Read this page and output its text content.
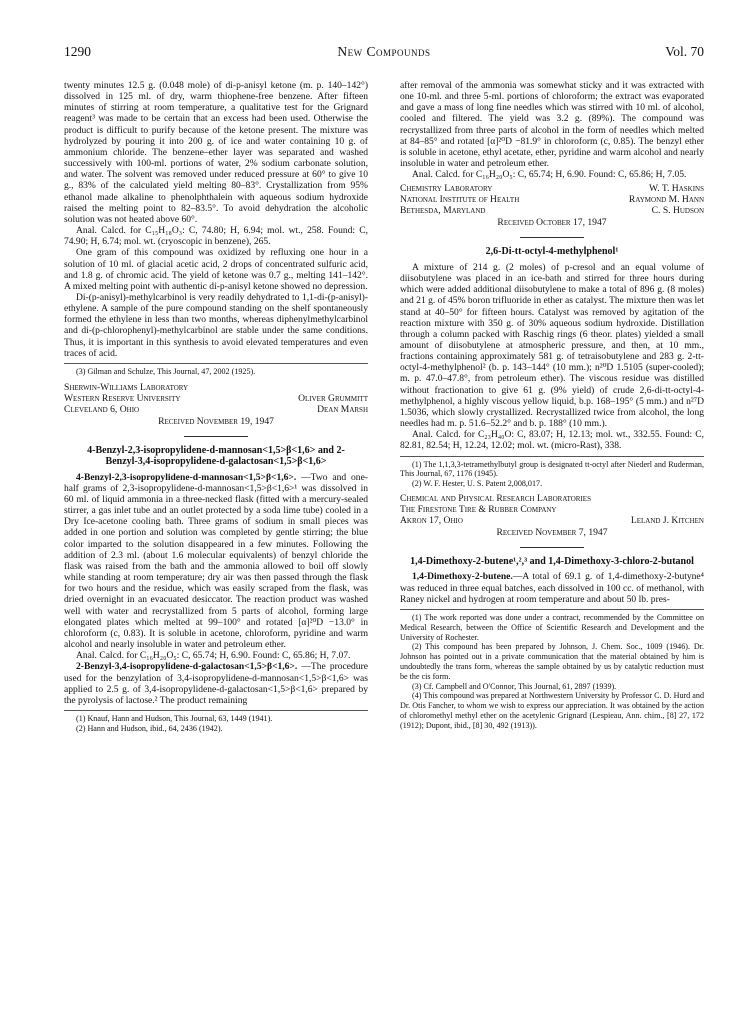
1290	New Compounds	Vol. 70

twenty minutes 12.5 g. (0.048 mole) of di-p-anisyl ketone (m. p. 140–142°) dissolved in 125 ml. of dry, warm thiophene-free benzene. After fifteen minutes of stirring at room temperature, a qualitative test for the Grignard reagent³ was made to be certain that an excess had been used. Otherwise the product is difficult to purify because of the ketone present. The mixture was hydrolyzed by pouring it into 200 g. of ice and water containing 10 g. of ammonium chloride. The benzene–ether layer was separated and washed successively with 100-ml. portions of water, 2% sodium carbonate solution, and water. The solvent was removed under reduced pressure at 60° to give 10 g., 83% of the calculated yield melting 80–83°. Crystallization from 95% ethanol made alkaline to phenolphthalein with aqueous sodium hydroxide raised the melting point to 82–83.5°. To avoid dehydration the alcoholic solution was not heated above 60°.

Anal. Calcd. for C₁₅H₁₈O₃: C, 74.80; H, 6.94; mol. wt., 258. Found: C, 74.90; H, 6.74; mol. wt. (cryoscopic in benzene), 265.

One gram of this compound was oxidized by refluxing one hour in a solution of 10 ml. of glacial acetic acid, 2 drops of concentrated sulfuric acid, and 1.8 g. of chromic acid. The yield of ketone was 0.7 g., melting 141–142°. A mixed melting point with authentic di-p-anisyl ketone showed no depression.

Di-(p-anisyl)-methylcarbinol is very readily dehydrated to 1,1-di-(p-anisyl)-ethylene. A sample of the pure compound standing on the shelf spontaneously formed the ethylene in less than two months, whereas diphenylmethylcarbinol and di-(p-chlorophenyl)-methylcarbinol are stable under the same conditions. Thus, it is important in this synthesis to avoid elevated temperatures and even traces of acid.

(3) Gilman and Schulze, This Journal, 47, 2002 (1925).

Sherwin-Williams Laboratory
Western Reserve University	Oliver Grummitt
Cleveland 6, Ohio	Dean Marsh
Received November 19, 1947
4-Benzyl-2,3-isopropylidene-d-mannosan<1,5>β<1,6> and 2-Benzyl-3,4-isopropylidene-d-galactosan<1,5>β<1,6>

4-Benzyl-2,3-isopropylidene-d-mannosan<1,5>β<1,6>. —Two and one-half grams of 2,3-isopropylidene-d-mannosan<1,5>β<1,6>¹ was dissolved in 60 ml. of liquid ammonia in a three-necked flask (fitted with a mercury-sealed stirrer, a gas inlet tube and an outlet protected by a soda lime tube) cooled in a Dry Ice-acetone cooling bath. Three grams of sodium in small pieces was added in one portion and solution was completed by gentle stirring; the blue color imparted to the solution disappeared in a few minutes. Following the addition of 2.3 ml. (about 1.6 molecular equivalents) of benzyl chloride the flask was raised from the bath and the ammonia allowed to boil off slowly while standing at room temperature; dry air was then passed through the flask for two hours and the residue, which was easily scraped from the flask, was dried overnight in an evacuated desiccator. The reaction product was washed well with water and recrystallized from 5 parts of alcohol, forming large elongated plates which melted at 99–100° and rotated [α]²⁰D −13.0° in chloroform (c, 0.83). It is soluble in acetone, chloroform, pyridine and warm alcohol and nearly insoluble in water and petroleum ether.

Anal. Calcd. for C₁₆H₂₀O₅: C, 65.74; H, 6.90. Found: C, 65.86; H, 7.07.

2-Benzyl-3,4-isopropylidene-d-galactosan<1,5>β<1,6>. —The procedure used for the benzylation of 3,4-isopropylidene-d-mannosan<1,5>β<1,6> was applied to 2.5 g. of 3,4-isopropylidene-d-galactosan<1,5>β<1,6> prepared by the pyrolysis of lactose.² The product remaining

(1) Knauf, Hann and Hudson, This Journal, 63, 1449 (1941).

(2) Hann and Hudson, ibid., 64, 2436 (1942).

after removal of the ammonia was somewhat sticky and it was extracted with one 10-ml. and three 5-ml. portions of chloroform; the extract was evaporated and gave a mass of long fine needles which was stirred with 10 ml. of alcohol, cooled and filtered. The yield was 3.2 g. (89%). The compound was recrystallized from three parts of alcohol in the form of needles which melted at 84–85° and rotated [α]²⁰D −81.9° in chloroform (c, 0.85). The benzyl ether is soluble in acetone, ethyl acetate, ether, pyridine and warm alcohol and nearly insoluble in water and petroleum ether.

Anal. Calcd. for C₁₆H₂₀O₅: C, 65.74; H, 6.90. Found: C, 65.86; H, 7.05.

Chemistry Laboratory	W. T. Haskins
National Institute of Health	Raymond M. Hann
Bethesda, Maryland	C. S. Hudson
Received October 17, 1947
2,6-Di-tt-octyl-4-methylphenol¹

A mixture of 214 g. (2 moles) of p-cresol and an equal volume of diisobutylene was placed in an ice-bath and stirred for three hours during which were added additional diisobutylene to make a total of 896 g. (8 moles) and 21 g. of 45% boron trifluoride in ether as catalyst. The mixture then was let stand at 40–50° for fifteen hours. Catalyst was removed by agitation of the reaction mixture with 350 g. of 30% aqueous sodium hydroxide. Distillation through a column packed with Raschig rings (6 theor. plates) yielded a small amount of diisobutylene at atmospheric pressure, and then, at 10 mm., fractions containing approximately 581 g. of tetraisobutylene and 283 g. 2-tt-octyl-4-methylphenol² (b. p. 143–144° (10 mm.); n²⁰D 1.5105 (super-cooled); m. p. 47.0–47.8°, from petroleum ether). The viscous residue was distilled without fractionation to give 61 g. (9% yield) of crude 2,6-di-tt-octyl-4-methylphenol, a highly viscous yellow liquid, b.p. 168–195° (5 mm.) and n²⁷D 1.5036, which slowly crystallized. Recrystallized twice from alcohol, the long needles had m. p. 51.6–52.2° and b. p. 188° (10 mm.).

Anal. Calcd. for C₂₃H₄₀O: C, 83.07; H, 12.13; mol. wt., 332.55. Found: C, 82.81, 82.54; H, 12.24, 12.02; mol. wt. (micro-Rast), 338.

(1) The 1,1,3,3-tetramethylbutyl group is designated tt-octyl after Niederl and Ruderman, This Journal, 67, 1176 (1945).

(2) W. F. Hester, U. S. Patent 2,008,017.

Chemical and Physical Research Laboratories
The Firestone Tire & Rubber Company
Akron 17, Ohio	Leland J. Kitchen
Received November 7, 1947
1,4-Dimethoxy-2-butene¹,²,³ and 1,4-Dimethoxy-3-chloro-2-butanol

1,4-Dimethoxy-2-butene.—A total of 69.1 g. of 1,4-dimethoxy-2-butyne⁴ was reduced in three equal batches, each dissolved in 100 cc. of methanol, with Raney nickel and hydrogen at room temperature and about 50 lb. pres-

(1) The work reported was done under a contract, recommended by the Committee on Medical Research, between the Office of Scientific Research and Development and the University of Rochester.

(2) This compound has been prepared by Johnson, J. Chem. Soc., 1009 (1946). Dr. Johnson has pointed out in a private communication that the material obtained by him is undoubtedly the trans form, whereas the sample obtained by us by catalytic reduction must be the cis form.

(3) Cf. Campbell and O'Connor, This Journal, 61, 2897 (1939).

(4) This compound was prepared at Northwestern University by Professor C. D. Hurd and Dr. Otis Fancher, to whom we wish to express our appreciation. It was obtained by the action of chloromethyl methyl ether on the acetylenic Grignard (Lespieau, Ann. chim., [8] 27, 172 (1912); Dupont, ibid., [8] 30, 492 (1913)).
